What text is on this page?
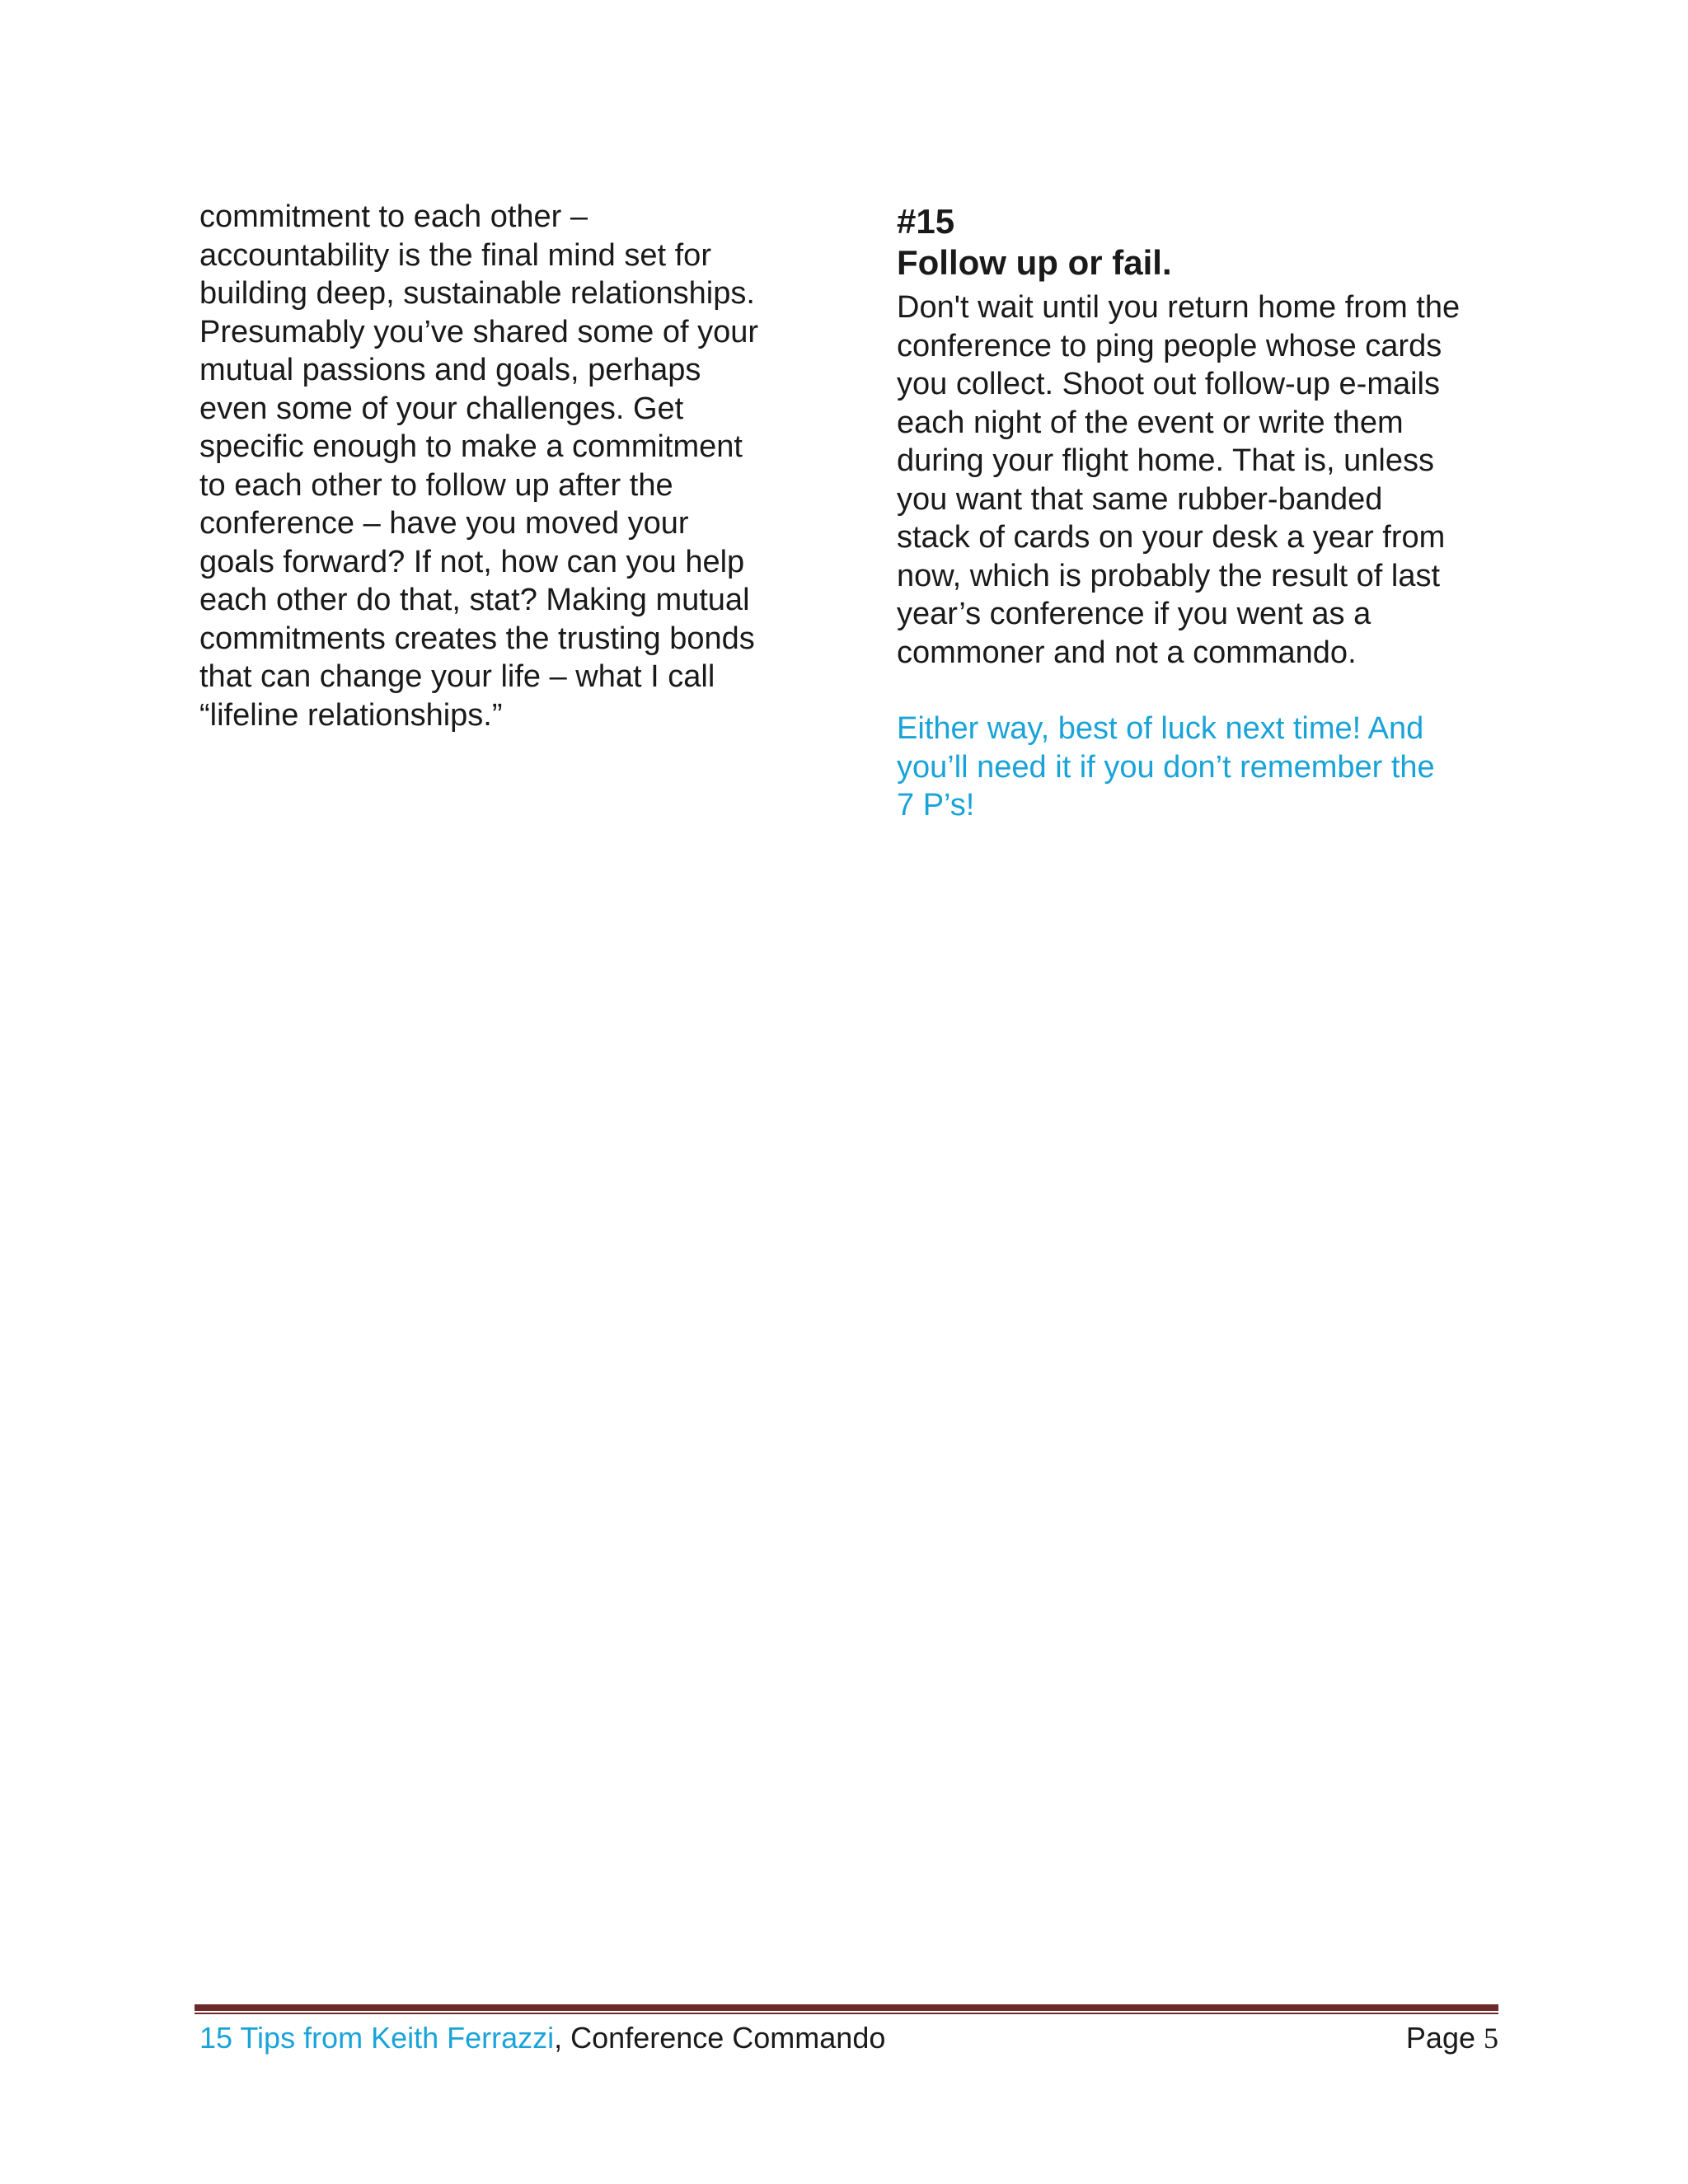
commitment to each other –
accountability is the final mind set for
building deep, sustainable relationships.
Presumably you’ve shared some of your
mutual passions and goals, perhaps
even some of your challenges. Get
specific enough to make a commitment
to each other to follow up after the
conference – have you moved your
goals forward? If not, how can you help
each other do that, stat? Making mutual
commitments creates the trusting bonds
that can change your life – what I call
“lifeline relationships.”

#15
Follow up or fail.

Don't wait until you return home from the
conference to ping people whose cards
you collect. Shoot out follow-up e-mails
each night of the event or write them
during your flight home. That is, unless
you want that same rubber-banded
stack of cards on your desk a year from
now, which is probably the result of last
year’s conference if you went as a
commoner and not a commando.

Either way, best of luck next time! And
you’ll need it if you don’t remember the
7 P’s!

15 Tips from Keith Ferrazzi, Conference Commando	Page 5
